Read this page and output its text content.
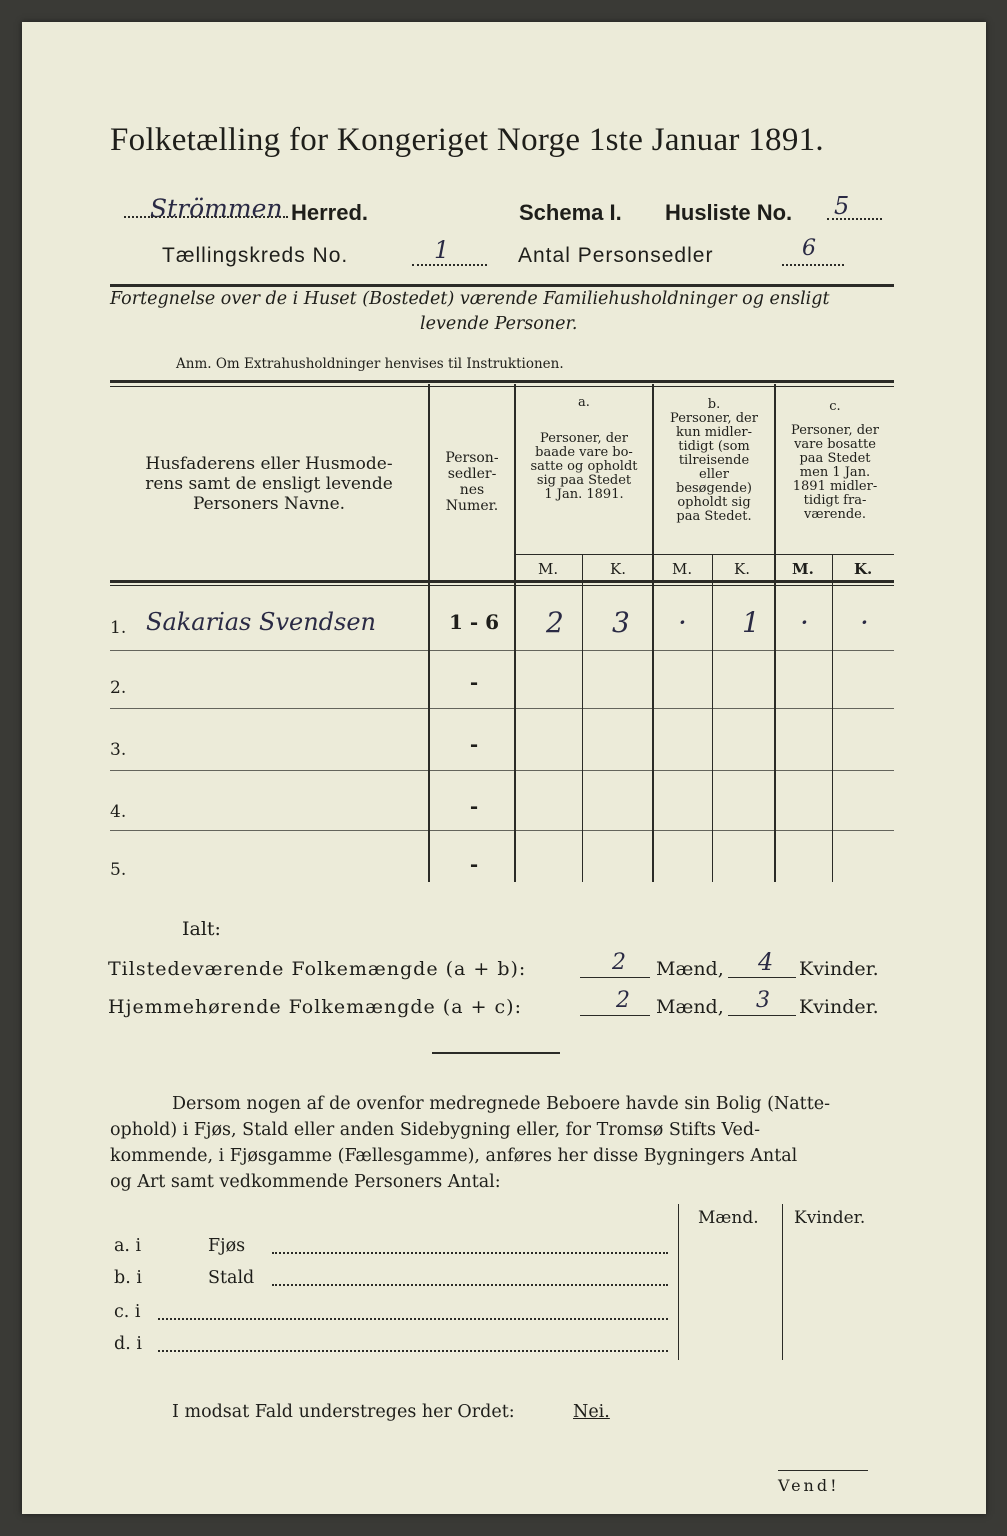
Folketælling for Kongeriget Norge 1ste Januar 1891.
Strömmen Herred.	Schema I. Husliste No. 5
Tællingskreds No.	1	Antal Personsedler	6
Fortegnelse over de i Huset (Bostedet) værende Familiehusholdninger og ensligt
levende Personer.
Anm. Om Extrahusholdninger henvises til Instruktionen.
Husfaderens eller Husmode-
rens samt de ensligt levende
Personers Navne.
Person-
sedler-
nes
Numer.
a.
Personer, der
baade vare bo-
satte og opholdt
sig paa Stedet
1 Jan. 1891.
b.
Personer, der
kun midler-
tidigt (som
tilreisende
eller
besøgende)
opholdt sig
paa Stedet.
c.
Personer, der
vare bosatte
paa Stedet
men 1 Jan.
1891 midler-
tidigt fra-
værende.
M.	K.	M.	K.	M.	K.
1. Sakarias Svendsen	1 - 6	2 3 · 1 · ·
2.	-
3.	-
4.	-
5.	-
Ialt:
Tilstedeværende Folkemængde (a + b):	2 Mænd, 4 Kvinder.
Hjemmehørende Folkemængde (a + c):	2 Mænd, 3 Kvinder.
Dersom nogen af de ovenfor medregnede Beboere havde sin Bolig (Natte-
ophold) i Fjøs, Stald eller anden Sidebygning eller, for Tromsø Stifts Ved-
kommende, i Fjøsgamme (Fællesgamme), anføres her disse Bygningers Antal
og Art samt vedkommende Personers Antal:
Mænd. Kvinder.
a. i	Fjøs
b. i	Stald
c. i
d. i
I modsat Fald understreges her Ordet:	Nei.
Vend!
